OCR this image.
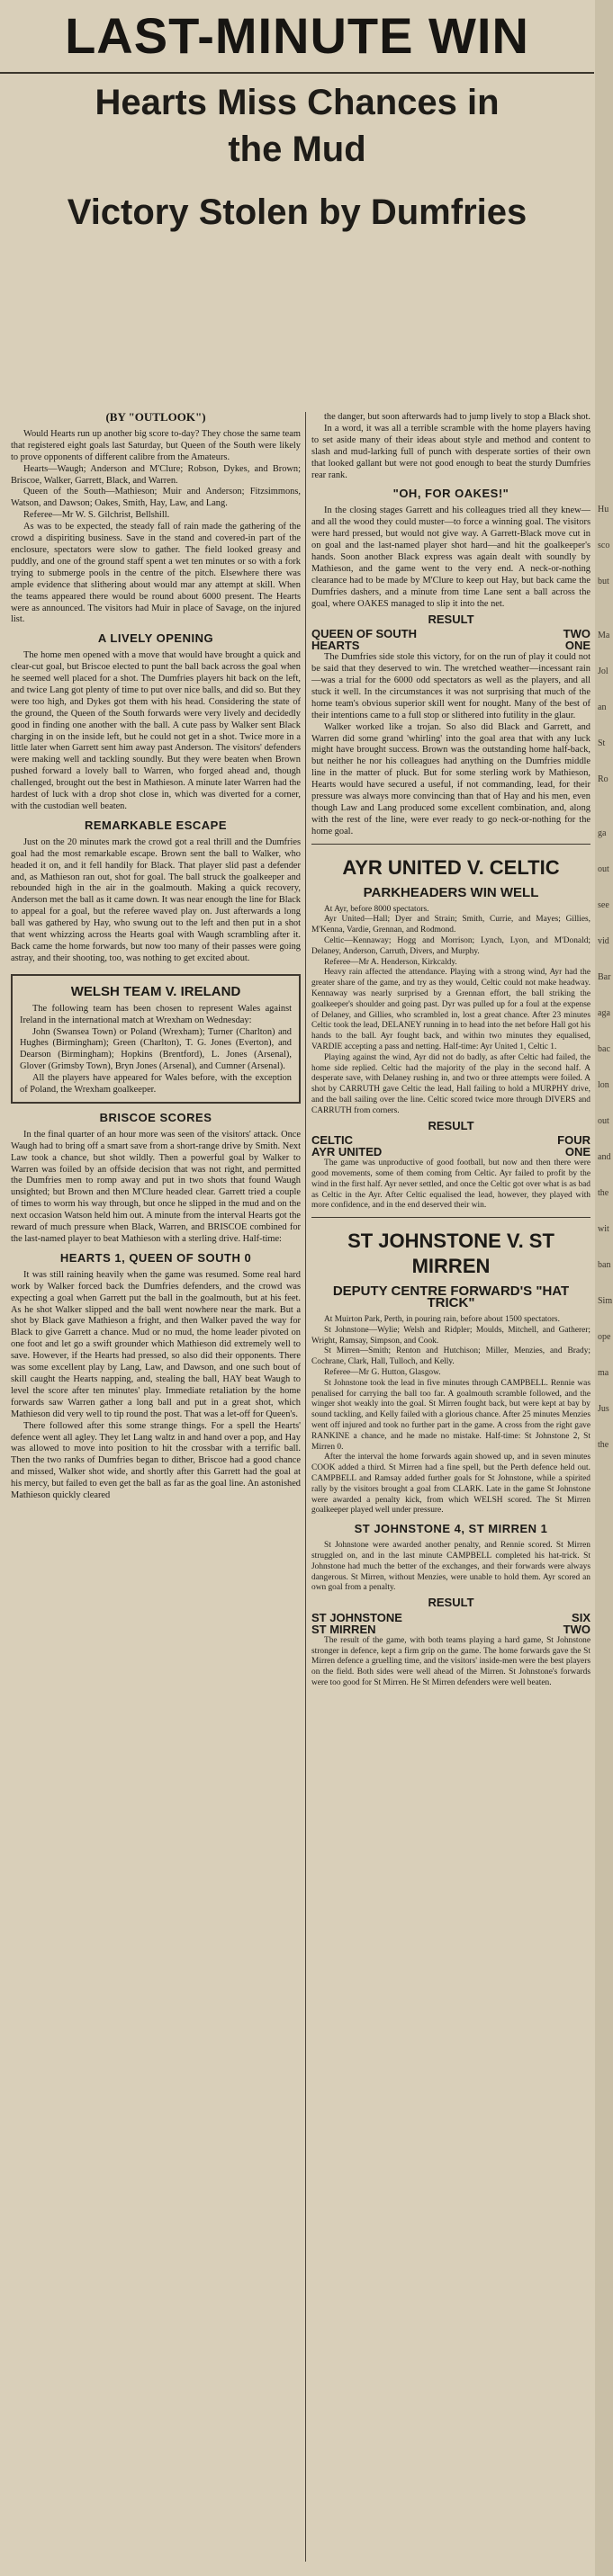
LAST-MINUTE WIN
Hearts Miss Chances in
the Mud
Victory Stolen by Dumfries
(BY "OUTLOOK")

Would Hearts run up another big score to-day? They chose the same team that registered eight goals last Saturday, but Queen of the South were likely to prove opponents of different calibre from the Amateurs.

Hearts—Waugh; Anderson and M'Clure; Robson, Dykes, and Brown; Briscoe, Walker, Garrett, Black, and Warren.

Queen of the South—Mathieson; Muir and Anderson; Fitzsimmons, Watson, and Dawson; Oakes, Smith, Hay, Law, and Lang.

Referee—Mr W. S. Gilchrist, Bellshill.

As was to be expected, the steady fall of rain made the gathering of the crowd a dispiriting business. Save in the stand and covered-in part of the enclosure, spectators were slow to gather. The field looked greasy and puddly, and one of the ground staff spent a wet ten minutes or so with a fork trying to submerge pools in the centre of the pitch. Elsewhere there was ample evidence that slithering about would mar any attempt at skill. When the teams appeared there would be round about 6000 present. The Hearts were as announced. The visitors had Muir in place of Savage, on the injured list.

A LIVELY OPENING

The home men opened with a move that would have brought a quick and clear-cut goal, but Briscoe elected to punt the ball back across the goal when he seemed well placed for a shot. The Dumfries players hit back on the left, and twice Lang got plenty of time to put over nice balls, and did so. But they were too high, and Dykes got them with his head. Considering the state of the ground, the Queen of the South forwards were very lively and decidedly good in finding one another with the ball. A cute pass by Walker sent Black charging in on the inside left, but he could not get in a shot. Twice more in a little later when Garrett sent him away past Anderson. The visitors' defenders were making well and tackling soundly. But they were beaten when Brown pushed forward a lovely ball to Warren, who forged ahead and, though challenged, brought out the best in Mathieson. A minute later Warren had the hardest of luck with a drop shot close in, which was diverted for a corner, with the custodian well beaten.

REMARKABLE ESCAPE

Just on the 20 minutes mark the crowd got a real thrill and the Dumfries goal had the most remarkable escape. Brown sent the ball to Walker, who headed it on, and it fell handily for Black. That player slid past a defender and, as Mathieson ran out, shot for goal. The ball struck the goalkeeper and rebounded high in the air in the goalmouth. Making a quick recovery, Anderson met the ball as it came down. It was near enough the line for Black to appeal for a goal, but the referee waved play on. Just afterwards a long ball was gathered by Hay, who swung out to the left and then put in a shot that went whizzing across the Hearts goal with Waugh scrambling after it. Back came the home forwards, but now too many of their passes were going astray, and their shooting, too, was nothing to get excited about.

WELSH TEAM V. IRELAND

The following team has been chosen to represent Wales against Ireland in the international match at Wrexham on Wednesday:

John (Swansea Town) or Poland (Wrexham); Turner (Charlton) and Hughes (Birmingham); Green (Charlton), T. G. Jones (Everton), and Dearson (Birmingham); Hopkins (Brentford), L. Jones (Arsenal), Glover (Grimsby Town), Bryn Jones (Arsenal), and Cumner (Arsenal).

All the players have appeared for Wales before, with the exception of Poland, the Wrexham goalkeeper.

BRISCOE SCORES

In the final quarter of an hour more was seen of the visitors' attack. Once Waugh had to bring off a smart save from a short-range drive by Smith. Next Law took a chance, but shot wildly. Then a powerful goal by Walker to Warren was foiled by an offside decision that was not right, and permitted the Dumfries men to romp away and put in two shots that found Waugh unsighted; but Brown and then M'Clure headed clear. Garrett tried a couple of times to worm his way through, but once he slipped in the mud and on the next occasion Watson held him out. A minute from the interval Hearts got the reward of much pressure when Black, Warren, and BRISCOE combined for the last-named player to beat Mathieson with a sterling drive. Half-time:

HEARTS 1, QUEEN OF SOUTH 0

It was still raining heavily when the game was resumed. Some real hard work by Walker forced back the Dumfries defenders, and the crowd was expecting a goal when Garrett put the ball in the goalmouth, but at his feet. As he shot Walker slipped and the ball went nowhere near the mark. But a shot by Black gave Mathieson a fright, and then Walker paved the way for Black to give Garrett a chance. Mud or no mud, the home leader pivoted on one foot and let go a swift grounder which Mathieson did extremely well to save. However, if the Hearts had pressed, so also did their opponents. There was some excellent play by Lang, Law, and Dawson, and one such bout of skill caught the Hearts napping, and, stealing the ball, HAY beat Waugh to level the score after ten minutes' play. Immediate retaliation by the home forwards saw Warren gather a long ball and put in a great shot, which Mathieson did very well to tip round the post. That was a let-off for Queen's.

There followed after this some strange things. For a spell the Hearts' defence went all agley. They let Lang waltz in and hand over a pop, and Hay was allowed to move into position to hit the crossbar with a terrific ball. Then the two ranks of Dumfries began to dither, Briscoe had a good chance and missed, Walker shot wide, and shortly after this Garrett had the goal at his mercy, but failed to even get the ball as far as the goal line. An astonished Mathieson quickly cleared

the danger, but soon afterwards had to jump lively to stop a Black shot.

In a word, it was all a terrible scramble with the home players having to set aside many of their ideas about style and method and content to slash and mud-larking full of punch with desperate sorties of their own that looked gallant but were not good enough to beat the sturdy Dumfries rear rank.

"OH, FOR OAKES!"

In the closing stages Garrett and his colleagues tried all they knew—and all the wood they could muster—to force a winning goal. The visitors were hard pressed, but would not give way. A Garrett-Black move cut in on goal and the last-named player shot hard—and hit the goalkeeper's hands. Soon another Black express was again dealt with soundly by Mathieson, and the game went to the very end. A neck-or-nothing clearance had to be made by M'Clure to keep out Hay, but back came the Dumfries dashers, and a minute from time Lane sent a ball across the goal, where OAKES managed to slip it into the net.

RESULT
QUEEN OF SOUTH	TWO
HEARTS	ONE

The Dumfries side stole this victory, for on the run of play it could not be said that they deserved to win. The wretched weather—incessant rain—was a trial for the 6000 odd spectators as well as the players, and all stuck it well. In the circumstances it was not surprising that much of the home team's obvious superior skill went for nought. Many of the best of their intentions came to a full stop or slithered into futility in the glaur.

Walker worked like a trojan. So also did Black and Garrett, and Warren did some grand 'whirling' into the goal area that with any luck might have brought success. Brown was the outstanding home half-back, but neither he nor his colleagues had anything on the Dumfries middle line in the matter of pluck. But for some sterling work by Mathieson, Hearts would have secured a useful, if not commanding, lead, for their pressure was always more convincing than that of Hay and his men, even though Law and Lang produced some excellent combination, and, along with the rest of the line, were ever ready to go neck-or-nothing for the home goal.

AYR UNITED V. CELTIC
PARKHEADERS WIN WELL

At Ayr, before 8000 spectators.

Ayr United—Hall; Dyer and Strain; Smith, Currie, and Mayes; Gillies, M'Kenna, Vardie, Grennan, and Rodmond.

Celtic—Kennaway; Hogg and Morrison; Lynch, Lyon, and M'Donald; Delaney, Anderson, Carruth, Divers, and Murphy.

Referee—Mr A. Henderson, Kirkcaldy.

Heavy rain affected the attendance. Playing with a strong wind, Ayr had the greater share of the game, and try as they would, Celtic could not make headway. Kennaway was nearly surprised by a Grennan effort, the ball striking the goalkeeper's shoulder and going past. Dyr was pulled up for a foul at the expense of Delaney, and Gillies, who scrambled in, lost a great chance. After 23 minutes Celtic took the lead, DELANEY running in to head into the net before Hall got his hands to the ball. Ayr fought back, and within two minutes they equalised, VARDIE accepting a pass and netting. Half-time: Ayr United 1, Celtic 1.

Playing against the wind, Ayr did not do badly, as after Celtic had failed, the home side replied. Celtic had the majority of the play in the second half. A desperate save, with Delaney rushing in, and two or three attempts were foiled. A shot by CARRUTH gave Celtic the lead, Hall failing to hold a MURPHY drive, and the ball sailing over the line. Celtic scored twice more through DIVERS and CARRUTH from corners.

RESULT
CELTIC	FOUR
AYR UNITED	ONE

The game was unproductive of good football, but now and then there were good movements, some of them coming from Celtic. Ayr failed to profit by the wind in the first half. Ayr never settled, and once the Celtic got over what is as bad as Celtic in the Ayr. After Celtic equalised the lead, however, they played with more confidence, and in the end deserved their win.

ST JOHNSTONE V. ST MIRREN
DEPUTY CENTRE FORWARD'S "HAT TRICK"

At Muirton Park, Perth, in pouring rain, before about 1500 spectators.

St Johnstone—Wylie; Welsh and Ridpler; Moulds, Mitchell, and Gatherer; Wright, Ramsay, Simpson, and Cook.

St Mirren—Smith; Renton and Hutchison; Miller, Menzies, and Brady; Cochrane, Clark, Hall, Tulloch, and Kelly.

Referee—Mr G. Hutton, Glasgow.

St Johnstone took the lead in five minutes through CAMPBELL. Rennie was penalised for carrying the ball too far. A goalmouth scramble followed, and the winger shot weakly into the goal. St Mirren fought back, but were kept at bay by sound tackling, and Kelly failed with a glorious chance. After 25 minutes Menzies went off injured and took no further part in the game. A cross from the right gave RANKINE a chance, and he made no mistake. Half-time: St Johnstone 2, St Mirren 0.

After the interval the home forwards again showed up, and in seven minutes COOK added a third. St Mirren had a fine spell, but the Perth defence held out. CAMPBELL and Ramsay added further goals for St Johnstone, while a spirited rally by the visitors brought a goal from CLARK. Late in the game St Johnstone were awarded a penalty kick, from which WELSH scored. The St Mirren goalkeeper played well under pressure.

ST JOHNSTONE 4, ST MIRREN 1

St Johnstone were awarded another penalty, and Rennie scored. St Mirren struggled on, and in the last minute CAMPBELL completed his hat-trick. St Johnstone had much the better of the exchanges, and their forwards were always dangerous. St Mirren, without Menzies, were unable to hold them. Ayr scored an own goal from a penalty.

RESULT
ST JOHNSTONE	SIX
ST MIRREN	TWO

The result of the game, with both teams playing a hard game, St Johnstone stronger in defence, kept a firm grip on the game. The home forwards gave the St Mirren defence a gruelling time, and the visitors' inside-men were the best players on the field. Both sides were well ahead of the Mirren. St Johnstone's forwards were too good for St Mirren. He St Mirren defenders were well beaten.

Hu
sco
but
Ma
Jol
an
St
Ro
ga
out
see
vid
Bar
aga
bac
lon
out
and
the
wit
ban
Sim
ope
ma
Jus
the
